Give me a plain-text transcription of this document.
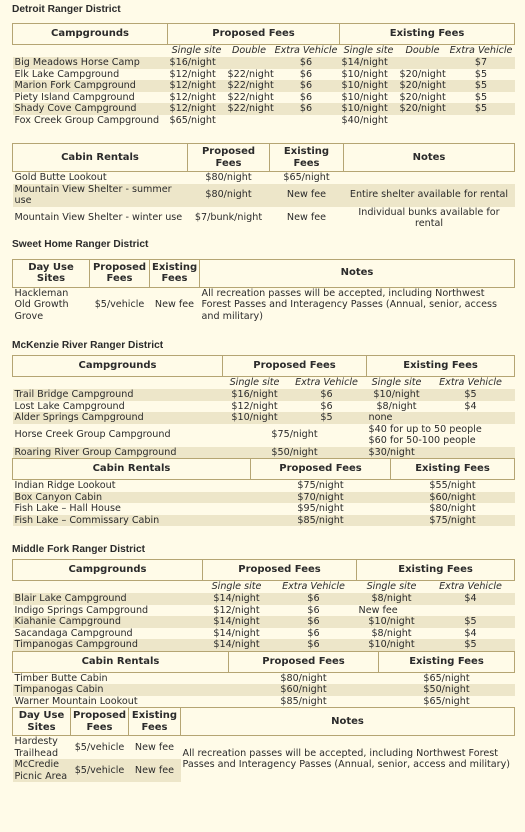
Detroit Ranger District
Campgrounds	Proposed Fees			Existing Fees		
	Single site	Double	Extra Vehicle	Single site	Double	Extra Vehicle
Big Meadows Horse Camp	$16/night		$6	$14/night		$7
Elk Lake Campground	$12/night	$22/night	$6	$10/night	$20/night	$5
Marion Fork Campground	$12/night	$22/night	$6	$10/night	$20/night	$5
Piety Island Campground	$12/night	$22/night	$6	$10/night	$20/night	$5
Shady Cove Campground	$12/night	$22/night	$6	$10/night	$20/night	$5
Fox Creek Group Campground	$65/night			$40/night		
Cabin Rentals	Proposed Fees	Existing Fees	Notes
Gold Butte Lookout	$80/night	$65/night	
Mountain View Shelter - summer use	$80/night	New fee	Entire shelter available for rental
Mountain View Shelter - winter use	$7/bunk/night	New fee	Individual bunks available for rental
Sweet Home Ranger District
Day Use Sites	Proposed Fees	Existing Fees	Notes
Hackleman Old Growth Grove	$5/vehicle	New fee	All recreation passes will be accepted, including Northwest Forest Passes and Interagency Passes (Annual, senior, access and military)
McKenzie River Ranger District
Campgrounds	Proposed Fees		Existing Fees	
	Single site	Extra Vehicle	Single site	Extra Vehicle
Trail Bridge Campground	$16/night	$6	$10/night	$5
Lost Lake Campground	$12/night	$6	$8/night	$4
Alder Springs Campground	$10/night	$5	none	
Horse Creek Group Campground	$75/night		$40 for up to 50 people
$60 for 50-100 people	

Roaring River Group Campground	$50/night		$30/night	
Cabin Rentals	Proposed Fees	Existing Fees
Indian Ridge Lookout	$75/night	$55/night
Box Canyon Cabin	$70/night	$60/night
Fish Lake – Hall House	$95/night	$80/night
Fish Lake – Commissary Cabin	$85/night	$75/night
Middle Fork Ranger District
Campgrounds	Proposed Fees		Existing Fees	
	Single site	Extra Vehicle	Single site	Extra Vehicle
Blair Lake Campground	$14/night	$6	$8/night	$4
Indigo Springs Campground	$12/night	$6	New fee	
Kiahanie Campground	$14/night	$6	$10/night	$5
Sacandaga Campground	$14/night	$6	$8/night	$4
Timpanogas Campground	$14/night	$6	$10/night	$5
Cabin Rentals	Proposed Fees	Existing Fees
Timber Butte Cabin	$80/night	$65/night
Timpanogas Cabin	$60/night	$50/night
Warner Mountain Lookout	$85/night	$65/night
Day Use Sites	Proposed Fees	Existing Fees	Notes
Hardesty Trailhead	$5/vehicle	New fee	All recreation passes will be accepted, including Northwest Forest Passes and Interagency Passes (Annual, senior, access and military)
McCredie Picnic Area	$5/vehicle	New fee	
